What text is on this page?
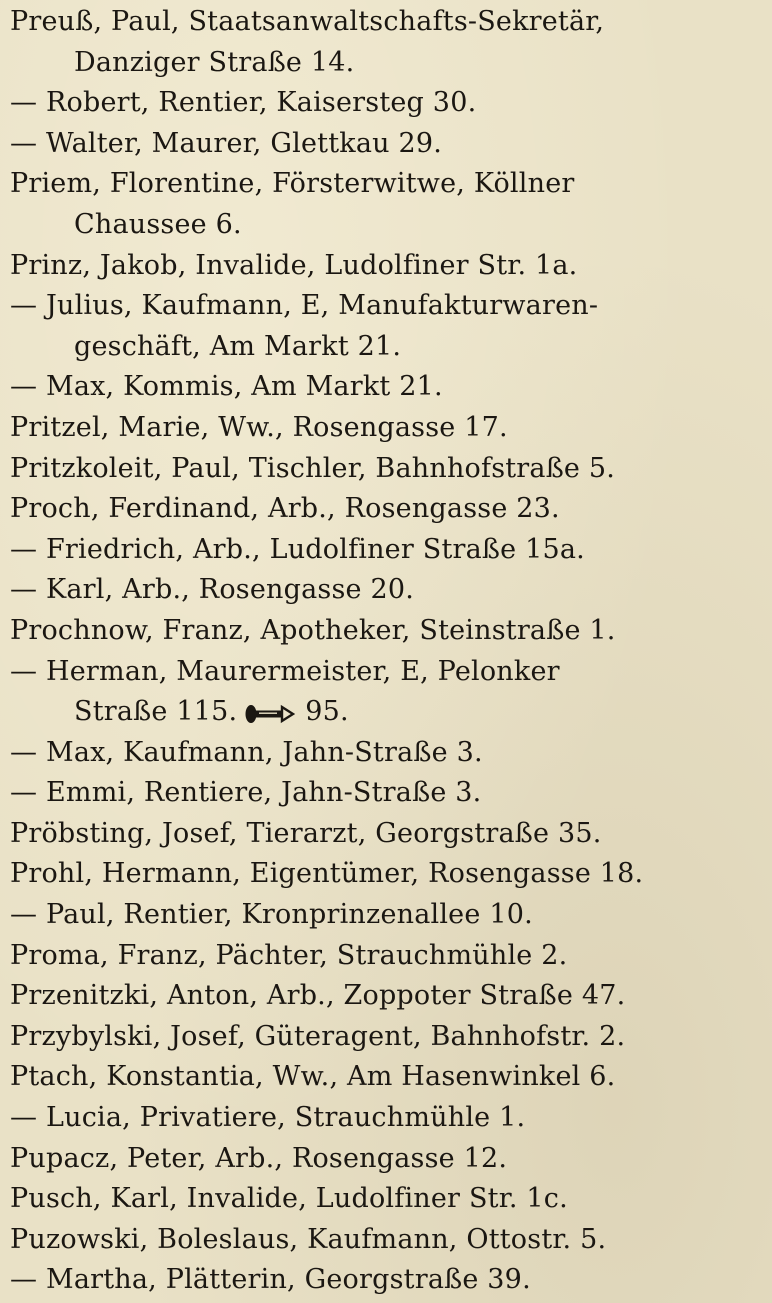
Preuß, Paul, Staatsanwaltschafts-Sekretär,
Danziger Straße 14.
— Robert, Rentier, Kaisersteg 30.
— Walter, Maurer, Glettkau 29.
Priem, Florentine, Försterwitwe, Köllner
Chaussee 6.
Prinz, Jakob, Invalide, Ludolfiner Str. 1a.
— Julius, Kaufmann, E, Manufakturwaren-
geschäft, Am Markt 21.
— Max, Kommis, Am Markt 21.
Pritzel, Marie, Ww., Rosengasse 17.
Pritzkoleit, Paul, Tischler, Bahnhofstraße 5.
Proch, Ferdinand, Arb., Rosengasse 23.
— Friedrich, Arb., Ludolfiner Straße 15a.
— Karl, Arb., Rosengasse 20.
Prochnow, Franz, Apotheker, Steinstraße 1.
— Herman, Maurermeister, E, Pelonker
Straße 115.	95.
— Max, Kaufmann, Jahn-Straße 3.
— Emmi, Rentiere, Jahn-Straße 3.
Pröbsting, Josef, Tierarzt, Georgstraße 35.
Prohl, Hermann, Eigentümer, Rosengasse 18.
— Paul, Rentier, Kronprinzenallee 10.
Proma, Franz, Pächter, Strauchmühle 2.
Przenitzki, Anton, Arb., Zoppoter Straße 47.
Przybylski, Josef, Güteragent, Bahnhofstr. 2.
Ptach, Konstantia, Ww., Am Hasenwinkel 6.
— Lucia, Privatiere, Strauchmühle 1.
Pupacz, Peter, Arb., Rosengasse 12.
Pusch, Karl, Invalide, Ludolfiner Str. 1c.
Puzowski, Boleslaus, Kaufmann, Ottostr. 5.
— Martha, Plätterin, Georgstraße 39.
